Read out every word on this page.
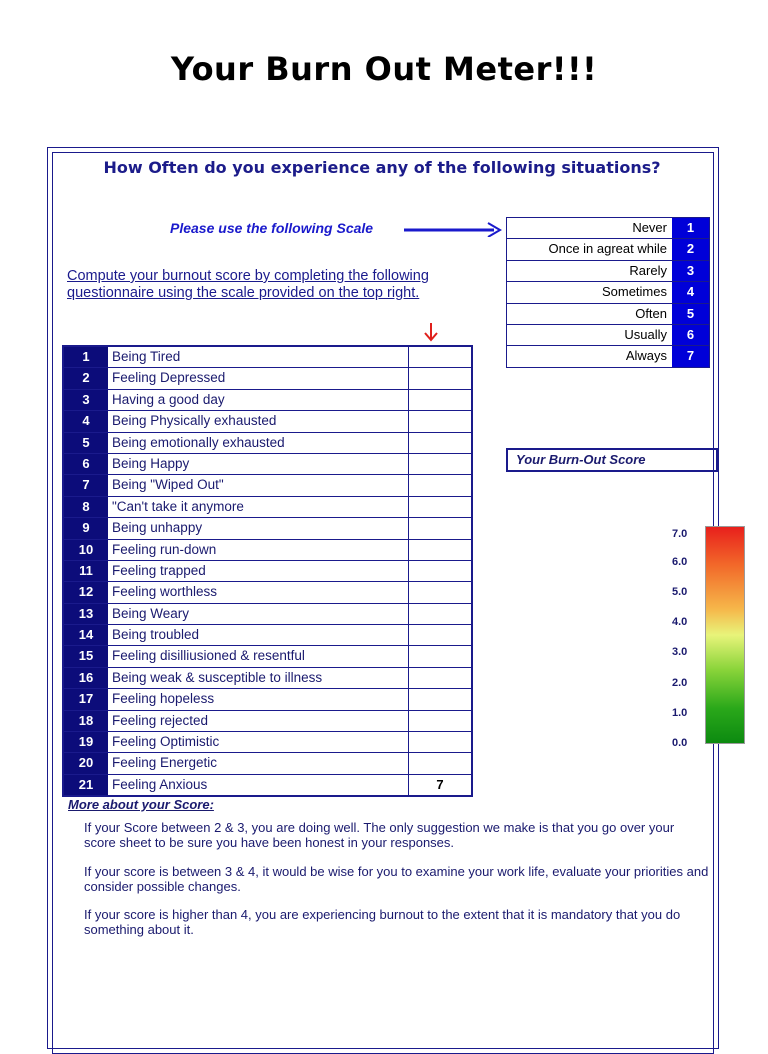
Your Burn Out Meter!!!
How Often do you experience any of the following situations?
Please use the following Scale
Compute your burnout score by completing the following questionnaire using the scale provided on the top right.
Never	1
Once in agreat while	2
Rarely	3
Sometimes	4
Often	5
Usually	6
Always	7
1	Being Tired
2	Feeling Depressed
3	Having a good day
4	Being Physically exhausted
5	Being emotionally exhausted
6	Being Happy
7	Being "Wiped Out"
8	"Can't take it anymore
9	Being unhappy
10	Feeling run-down
11	Feeling trapped
12	Feeling worthless
13	Being Weary
14	Being troubled
15	Feeling disilliusioned & resentful
16	Being weak & susceptible to illness
17	Feeling hopeless
18	Feeling rejected
19	Feeling Optimistic
20	Feeling Energetic
21	Feeling Anxious	7
Your Burn-Out Score
7.0
6.0
5.0
4.0
3.0
2.0
1.0
0.0
More about your Score:
If your Score between 2 & 3, you are doing well. The only suggestion we make is that you go over your score sheet to be sure you have been honest in your responses.
If your score is between 3 & 4, it would be wise for you to examine your work life, evaluate your priorities and consider possible changes.
If your score is higher than 4, you are experiencing burnout to the extent that it is mandatory that you do something about it.
